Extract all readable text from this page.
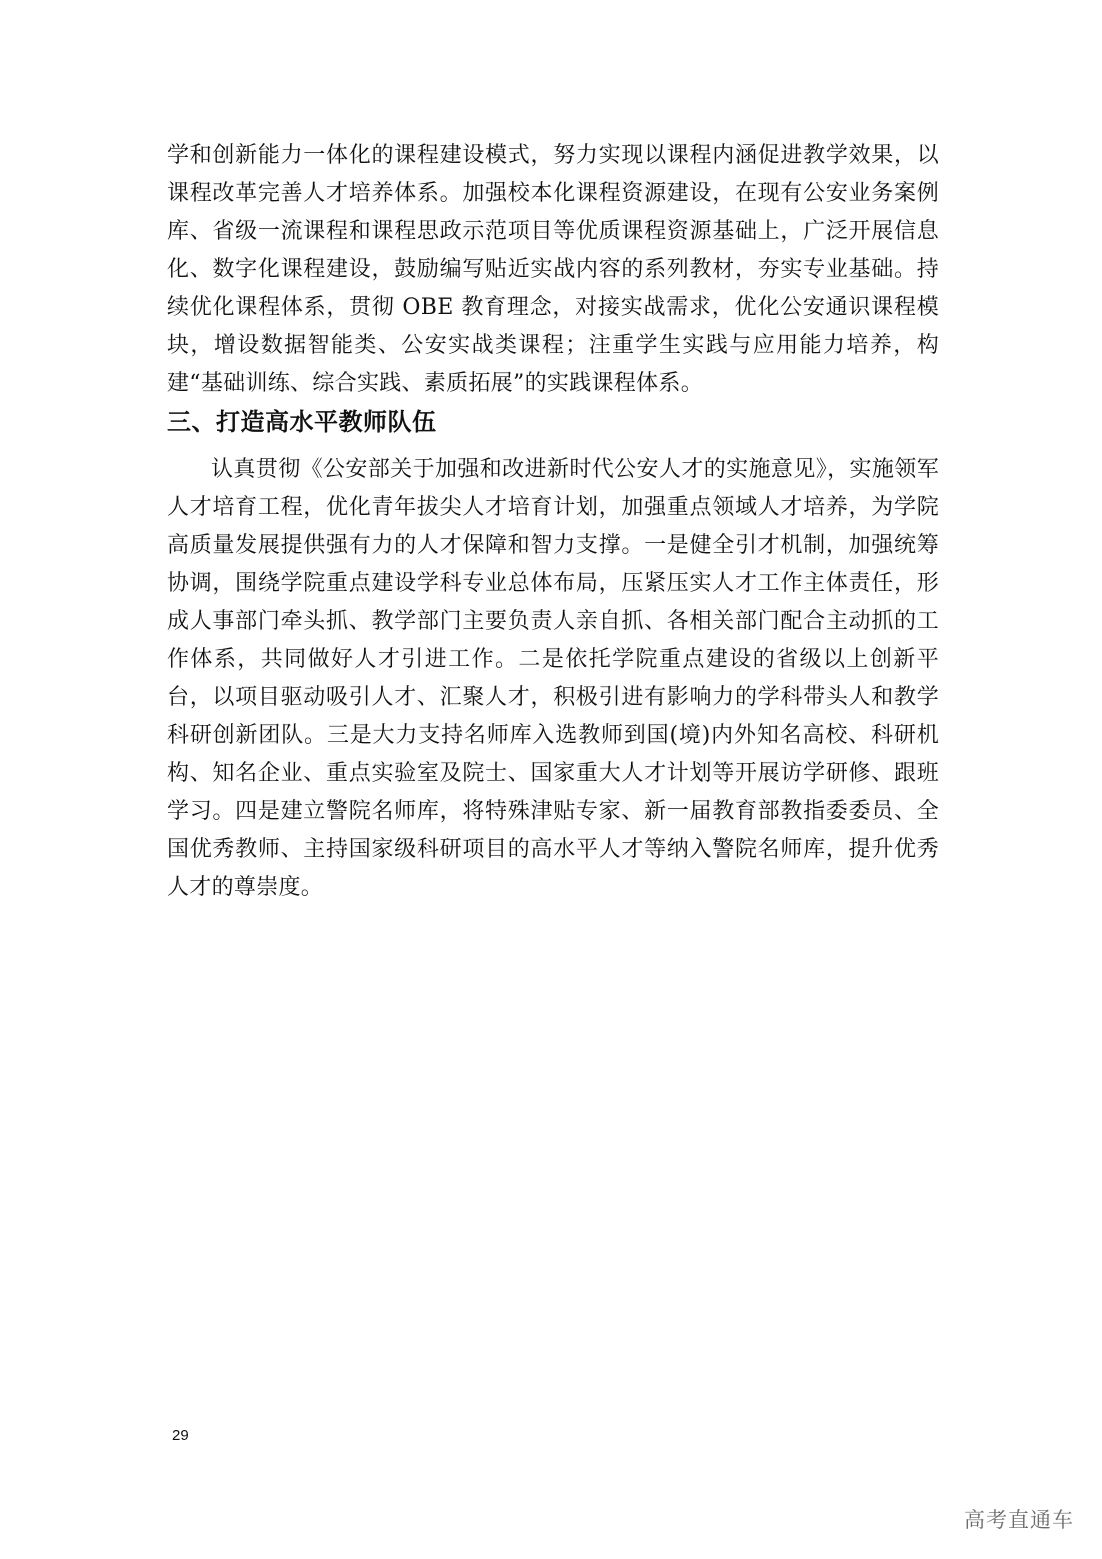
学和创新能力一体化的课程建设模式，努力实现以课程内涵促进教学效果，以课程改革完善人才培养体系。加强校本化课程资源建设，在现有公安业务案例库、省级一流课程和课程思政示范项目等优质课程资源基础上，广泛开展信息化、数字化课程建设，鼓励编写贴近实战内容的系列教材，夯实专业基础。持续优化课程体系，贯彻 OBE 教育理念，对接实战需求，优化公安通识课程模块，增设数据智能类、公安实战类课程；注重学生实践与应用能力培养，构建“基础训练、综合实践、素质拓展”的实践课程体系。

三、打造高水平教师队伍

认真贯彻《公安部关于加强和改进新时代公安人才的实施意见》，实施领军人才培育工程，优化青年拔尖人才培育计划，加强重点领域人才培养，为学院高质量发展提供强有力的人才保障和智力支撑。一是健全引才机制，加强统筹协调，围绕学院重点建设学科专业总体布局，压紧压实人才工作主体责任，形成人事部门牵头抓、教学部门主要负责人亲自抓、各相关部门配合主动抓的工作体系，共同做好人才引进工作。二是依托学院重点建设的省级以上创新平台，以项目驱动吸引人才、汇聚人才，积极引进有影响力的学科带头人和教学科研创新团队。三是大力支持名师库入选教师到国(境)内外知名高校、科研机构、知名企业、重点实验室及院士、国家重大人才计划等开展访学研修、跟班学习。四是建立警院名师库，将特殊津贴专家、新一届教育部教指委委员、全国优秀教师、主持国家级科研项目的高水平人才等纳入警院名师库，提升优秀人才的尊崇度。

29
高考直通车
